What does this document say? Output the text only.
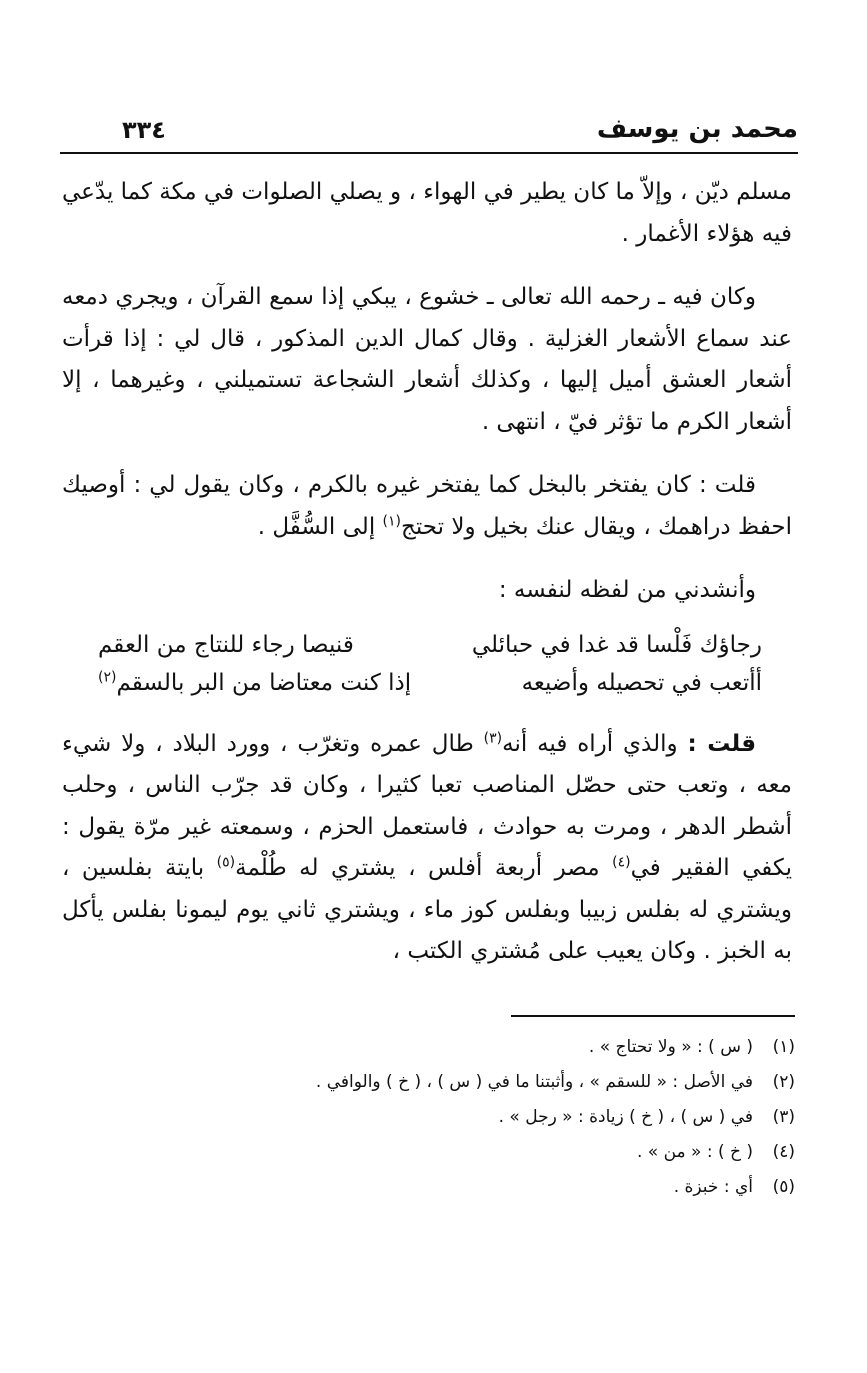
محمد بن يوسف
٣٣٤

مسلم ديّن ، وإلاّ ما كان يطير في الهواء ، و يصلي الصلوات في مكة كما يدّعي فيه هؤلاء الأغمار .

وكان فيه ـ رحمه الله تعالى ـ خشوع ، يبكي إذا سمع القرآن ، ويجري دمعه عند سماع الأشعار الغزلية . وقال كمال الدين المذكور ، قال لي : إذا قرأت أشعار العشق أميل إليها ، وكذلك أشعار الشجاعة تستميلني ، وغيرهما ، إلا أشعار الكرم ما تؤثر فيّ ، انتهى .

قلت : كان يفتخر بالبخل كما يفتخر غيره بالكرم ، وكان يقول لي : أوصيك احفظ دراهمك ، ويقال عنك بخيل ولا تحتج$^{(١)}$ إلى السُّفَّل .

وأنشدني من لفظه لنفسه :

رجاؤك فَلْسا قد غدا في حبائلي
قنيصا رجاء للنتاج من العقم
أأتعب في تحصيله وأضيعه
إذا كنت معتاضا من البر بالسقم$^{(٢)}$

قلت : والذي أراه فيه أنه$^{(٣)}$ طال عمره وتغرّب ، وورد البلاد ، ولا شيء معه ، وتعب حتى حصّل المناصب تعبا كثيرا ، وكان قد جرّب الناس ، وحلب أشطر الدهر ، ومرت به حوادث ، فاستعمل الحزم ، وسمعته غير مرّة يقول : يكفي الفقير في$^{(٤)}$ مصر أربعة أفلس ، يشتري له طُلْمة$^{(٥)}$ بايتة بفلسين ، ويشتري له بفلس زبيبا وبفلس كوز ماء ، ويشتري ثاني يوم ليمونا بفلس يأكل به الخبز . وكان يعيب على مُشتري الكتب ،

(١)
( س ) : « ولا تحتاج » .
(٢)
في الأصل : « للسقم » ، وأثبتنا ما في ( س ) ، ( خ ) والوافي .
(٣)
في ( س ) ، ( خ ) زيادة : « رجل » .
(٤)
( خ ) : « من » .
(٥)
أي : خبزة .
